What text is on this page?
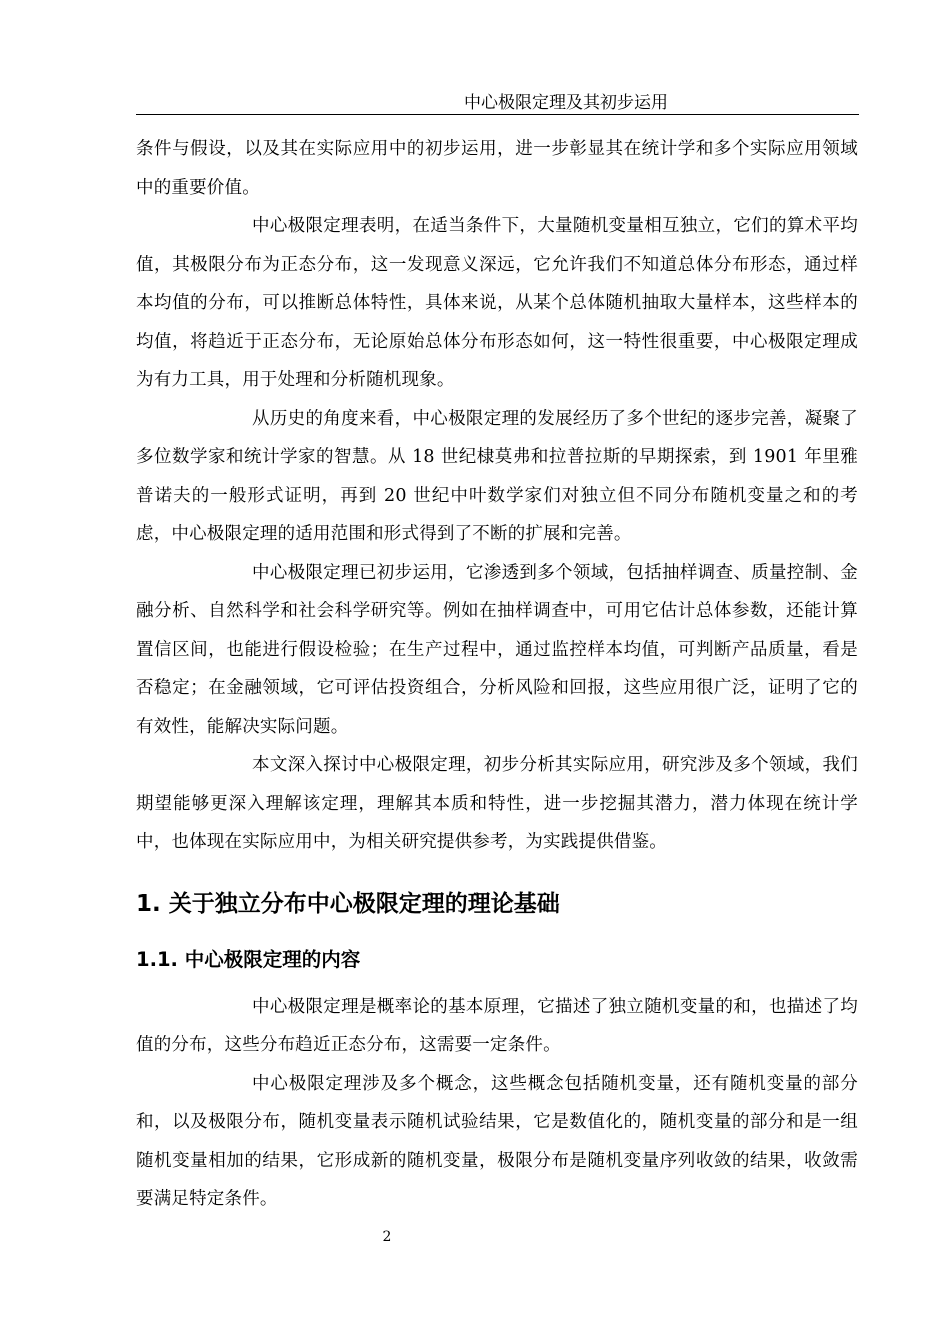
中心极限定理及其初步运用

条件与假设，以及其在实际应用中的初步运用，进一步彰显其在统计学和多个实际应用领域中的重要价值。

中心极限定理表明，在适当条件下，大量随机变量相互独立，它们的算术平均值，其极限分布为正态分布，这一发现意义深远，它允许我们不知道总体分布形态，通过样本均值的分布，可以推断总体特性，具体来说，从某个总体随机抽取大量样本，这些样本的均值，将趋近于正态分布，无论原始总体分布形态如何，这一特性很重要，中心极限定理成为有力工具，用于处理和分析随机现象。

从历史的角度来看，中心极限定理的发展经历了多个世纪的逐步完善，凝聚了多位数学家和统计学家的智慧。从 18 世纪棣莫弗和拉普拉斯的早期探索，到 1901 年里雅普诺夫的一般形式证明，再到 20 世纪中叶数学家们对独立但不同分布随机变量之和的考虑，中心极限定理的适用范围和形式得到了不断的扩展和完善。

中心极限定理已初步运用，它渗透到多个领域，包括抽样调查、质量控制、金融分析、自然科学和社会科学研究等。例如在抽样调查中，可用它估计总体参数，还能计算置信区间，也能进行假设检验；在生产过程中，通过监控样本均值，可判断产品质量，看是否稳定；在金融领域，它可评估投资组合，分析风险和回报，这些应用很广泛，证明了它的有效性，能解决实际问题。

本文深入探讨中心极限定理，初步分析其实际应用，研究涉及多个领域，我们期望能够更深入理解该定理，理解其本质和特性，进一步挖掘其潜力，潜力体现在统计学中，也体现在实际应用中，为相关研究提供参考，为实践提供借鉴。

1. 关于独立分布中心极限定理的理论基础
1.1. 中心极限定理的内容

中心极限定理是概率论的基本原理，它描述了独立随机变量的和，也描述了均值的分布，这些分布趋近正态分布，这需要一定条件。

中心极限定理涉及多个概念，这些概念包括随机变量，还有随机变量的部分和，以及极限分布，随机变量表示随机试验结果，它是数值化的，随机变量的部分和是一组随机变量相加的结果，它形成新的随机变量，极限分布是随机变量序列收敛的结果，收敛需要满足特定条件。

2
